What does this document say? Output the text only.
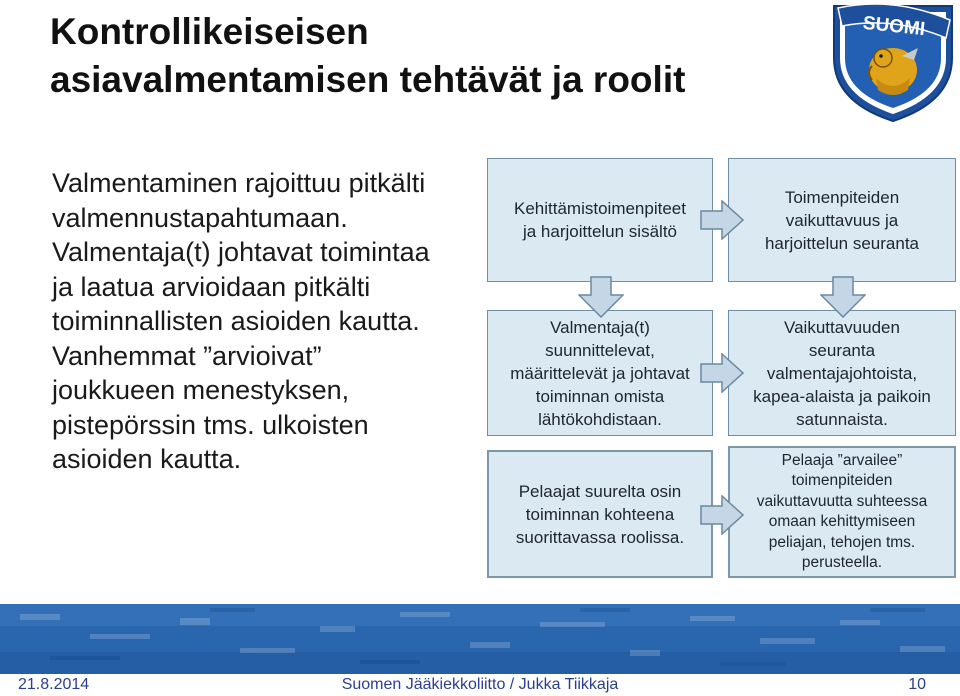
Kontrollikeiseisen
asiavalmentamisen tehtävät ja roolit
SUOMI
Valmentaminen rajoittuu pitkälti
valmennustapahtumaan.
Valmentaja(t) johtavat toimintaa
ja laatua arvioidaan pitkälti
toiminnallisten asioiden kautta.
Vanhemmat ”arvioivat”
joukkueen menestyksen,
pistepörssin tms. ulkoisten
asioiden kautta.
Kehittämistoimenpiteet
ja harjoittelun sisältö
Valmentaja(t)
suunnittelevat,
määrittelevät ja johtavat
toiminnan omista
lähtökohdistaan.
Pelaajat suurelta osin
toiminnan kohteena
suorittavassa roolissa.
Toimenpiteiden
vaikuttavuus ja
harjoittelun seuranta
Vaikuttavuuden
seuranta
valmentajajohtoista,
kapea-alaista ja paikoin
satunnaista.
Pelaaja ”arvailee”
toimenpiteiden
vaikuttavuutta suhteessa
omaan kehittymiseen
peliajan, tehojen tms.
perusteella.
21.8.2014	Suomen Jääkiekkoliitto / Jukka Tiikkaja	10
